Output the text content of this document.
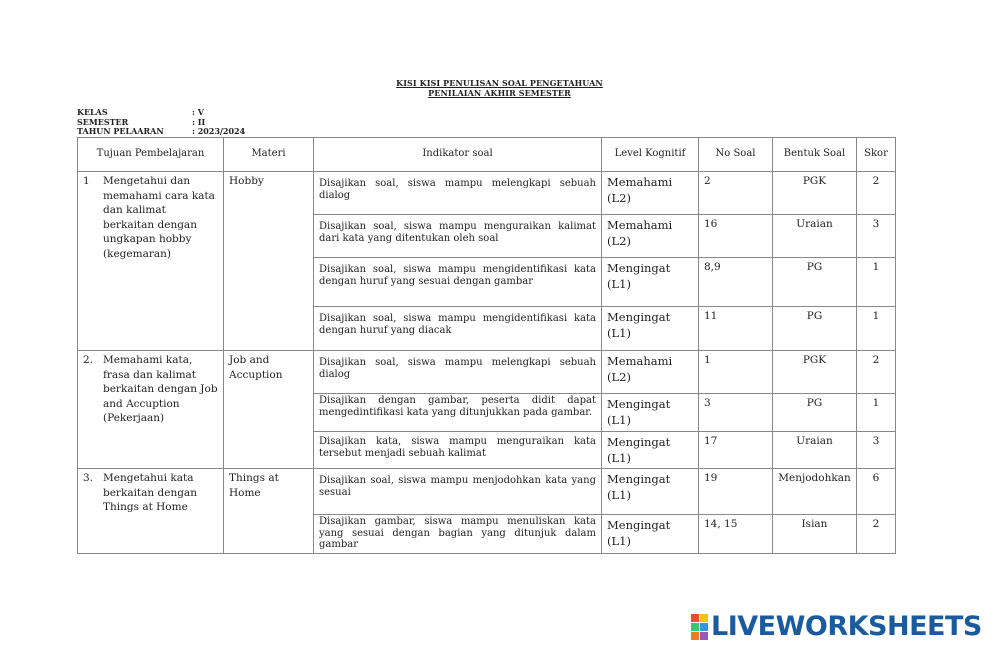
KISI KISI PENULISAN SOAL PENGETAHUAN
PENILAIAN AKHIR SEMESTER
KELAS	: V
SEMESTER	: II
TAHUN PELAARAN	: 2023/2024
Tujuan Pembelajaran	Materi	Indikator soal	Level Kognitif	No Soal	Bentuk Soal	Skor

1 Mengetahui dan memahami cara kata dan kalimat berkaitan dengan ungkapan hobby (kegemaran)	Hobby	Disajikan soal, siswa mampu melengkapi sebuah dialog	Memahami (L2)	2	PGK	2
		Disajikan soal, siswa mampu menguraikan kalimat dari kata yang ditentukan oleh soal	Memahami (L2)	16	Uraian	3
		Disajikan soal, siswa mampu mengidentifikasi kata dengan huruf yang sesuai dengan gambar	Mengingat (L1)	8,9	PG	1
		Disajikan soal, siswa mampu mengidentifikasi kata dengan huruf yang diacak	Mengingat (L1)	11	PG	1

2. Memahami kata, frasa dan kalimat berkaitan dengan Job and Accuption (Pekerjaan)	Job and Accuption	Disajikan soal, siswa mampu melengkapi sebuah dialog	Memahami (L2)	1	PGK	2
		Disajikan dengan gambar, peserta didit dapat mengedintifikasi kata yang ditunjukkan pada gambar.	Mengingat (L1)	3	PG	1
		Disajikan kata, siswa mampu menguraikan kata tersebut menjadi sebuah kalimat	Mengingat (L1)	17	Uraian	3

3. Mengetahui kata berkaitan dengan Things at Home	Things at Home	Disajikan soal, siswa mampu menjodohkan kata yang sesuai	Mengingat (L1)	19	Menjodohkan	6
		Disajikan gambar, siswa mampu menuliskan kata yang sesuai dengan bagian yang ditunjuk dalam gambar	Mengingat (L1)	14, 15	Isian	2
LIVEWORKSHEETS
